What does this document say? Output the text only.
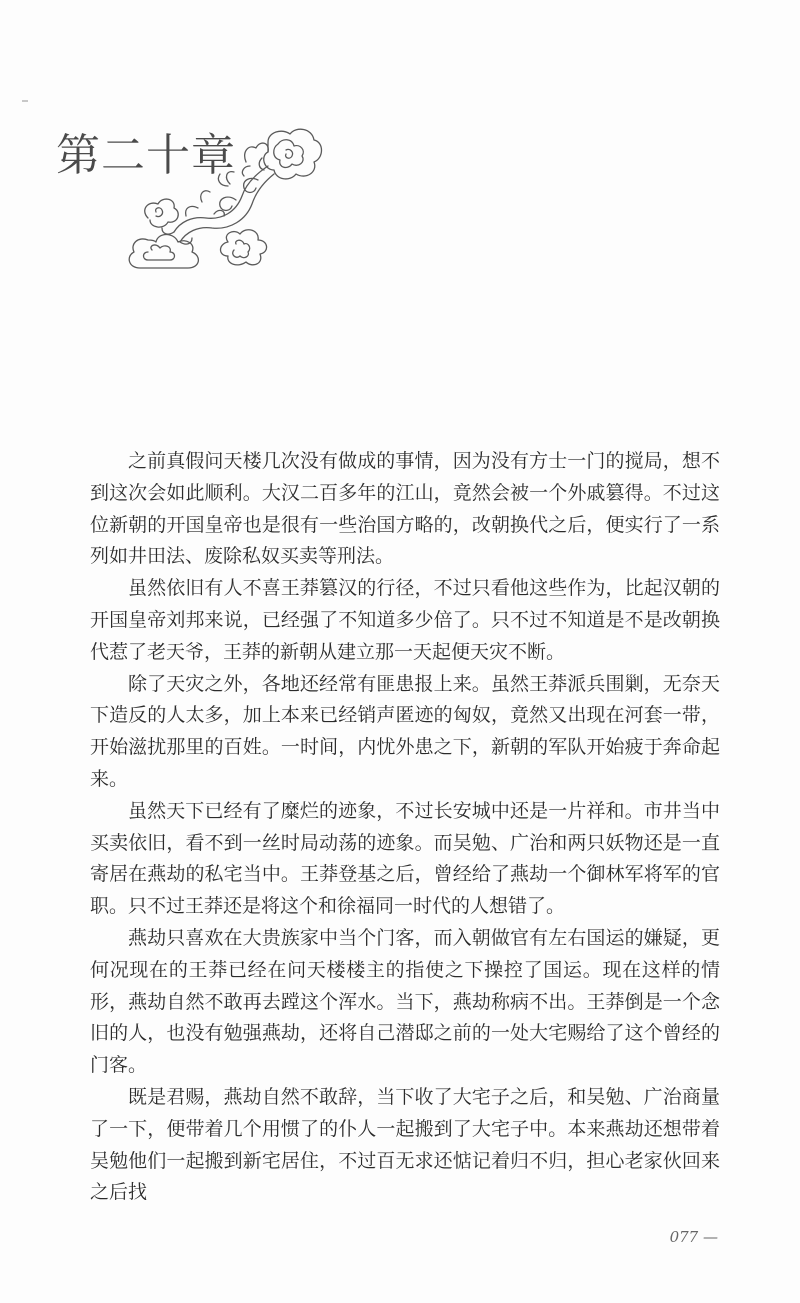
第二十章

之前真假问天楼几次没有做成的事情，因为没有方士一门的搅局，想不到这次会如此顺利。大汉二百多年的江山，竟然会被一个外戚篡得。不过这位新朝的开国皇帝也是很有一些治国方略的，改朝换代之后，便实行了一系列如井田法、废除私奴买卖等刑法。

虽然依旧有人不喜王莽篡汉的行径，不过只看他这些作为，比起汉朝的开国皇帝刘邦来说，已经强了不知道多少倍了。只不过不知道是不是改朝换代惹了老天爷，王莽的新朝从建立那一天起便天灾不断。

除了天灾之外，各地还经常有匪患报上来。虽然王莽派兵围剿，无奈天下造反的人太多，加上本来已经销声匿迹的匈奴，竟然又出现在河套一带，开始滋扰那里的百姓。一时间，内忧外患之下，新朝的军队开始疲于奔命起来。

虽然天下已经有了糜烂的迹象，不过长安城中还是一片祥和。市井当中买卖依旧，看不到一丝时局动荡的迹象。而吴勉、广治和两只妖物还是一直寄居在燕劫的私宅当中。王莽登基之后，曾经给了燕劫一个御林军将军的官职。只不过王莽还是将这个和徐福同一时代的人想错了。

燕劫只喜欢在大贵族家中当个门客，而入朝做官有左右国运的嫌疑，更何况现在的王莽已经在问天楼楼主的指使之下操控了国运。现在这样的情形，燕劫自然不敢再去蹚这个浑水。当下，燕劫称病不出。王莽倒是一个念旧的人，也没有勉强燕劫，还将自己潜邸之前的一处大宅赐给了这个曾经的门客。

既是君赐，燕劫自然不敢辞，当下收了大宅子之后，和吴勉、广治商量了一下，便带着几个用惯了的仆人一起搬到了大宅子中。本来燕劫还想带着吴勉他们一起搬到新宅居住，不过百无求还惦记着归不归，担心老家伙回来之后找

077 —
